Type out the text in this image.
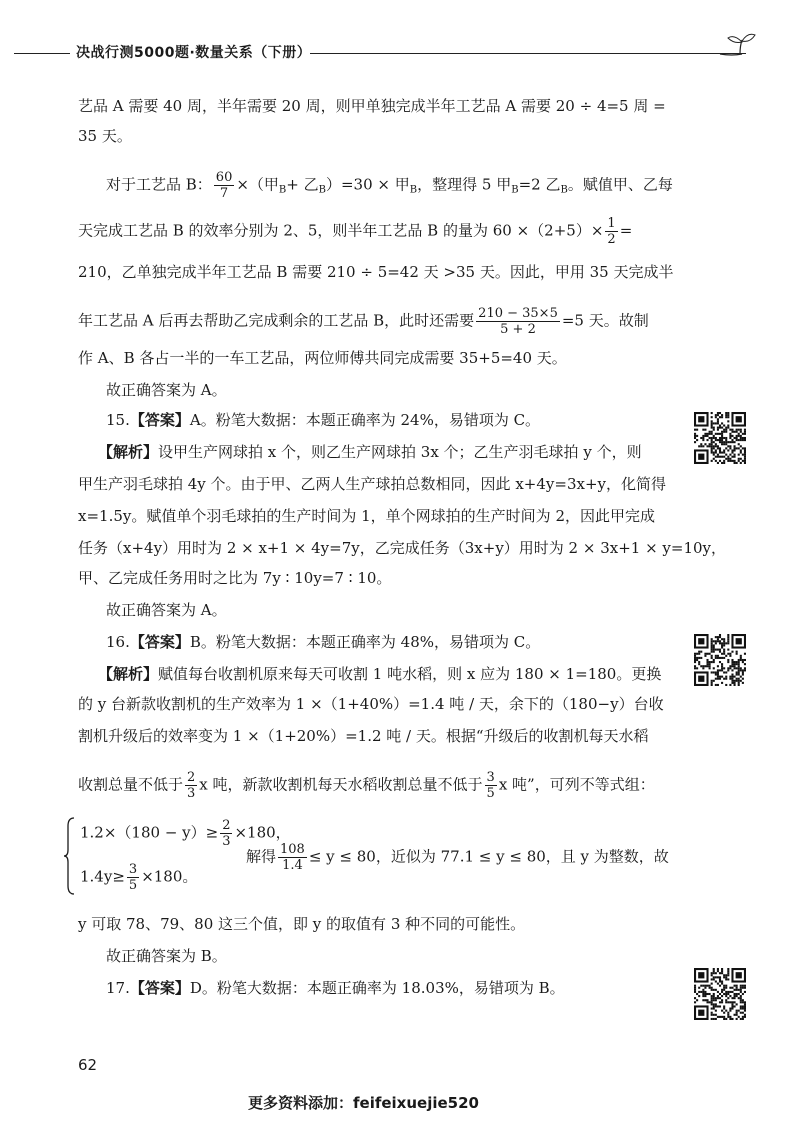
决战行测5000题·数量关系（下册）
艺品 A 需要 40 周，半年需要 20 周，则甲单独完成半年工艺品 A 需要 20 ÷ 4=5 周 =
35 天。
对于工艺品 B： $\frac{60}{7}$ ×（甲$_B$+ 乙$_B$）=30 × 甲$_B$，整理得 5 甲$_B$=2 乙$_B$。赋值甲、乙每
天完成工艺品 B 的效率分别为 2、5，则半年工艺品 B 的量为 $60 \times(2+5)\times \frac{1}{2}$ =
210，乙单独完成半年工艺品 B 需要 210 ÷ 5=42 天 >35 天。因此，甲用 35 天完成半
年工艺品 A 后再去帮助乙完成剩余的工艺品 B，此时还需要 $\frac{210 - 35\times 5}{5 + 2} =5$ 天。故制
作 A、B 各占一半的一车工艺品，两位师傅共同完成需要 35+5=40 天。
故正确答案为 A。
15.【答案】A。粉笔大数据：本题正确率为 24%，易错项为 C。
【解析】设甲生产网球拍 x 个，则乙生产网球拍 3x 个；乙生产羽毛球拍 y 个，则
甲生产羽毛球拍 4y 个。由于甲、乙两人生产球拍总数相同，因此 x+4y=3x+y，化简得
x=1.5y。赋值单个羽毛球拍的生产时间为 1，单个网球拍的生产时间为 2，因此甲完成
任务（x+4y）用时为 2 × x+1 × 4y=7y，乙完成任务（3x+y）用时为 2 × 3x+1 × y=10y，
甲、乙完成任务用时之比为 7y ∶ 10y=7 ∶ 10。
故正确答案为 A。
16.【答案】B。粉笔大数据：本题正确率为 48%，易错项为 C。
【解析】赋值每台收割机原来每天可收割 1 吨水稻，则 x 应为 180 × 1=180。更换
的 y 台新款收割机的生产效率为 1 ×（1+40%）=1.4 吨 / 天，余下的（180−y）台收
割机升级后的效率变为 1 ×（1+20%）=1.2 吨 / 天。根据“升级后的收割机每天水稻
收割总量不低于 $\frac{2}{3}$ x 吨，新款收割机每天水稻收割总量不低于 $\frac{3}{5}$ x 吨”，可列不等式组：
$1.2\times(180 - y)\ge \frac{2}{3} \times 180$，
$1.4y\ge \frac{3}{5} \times 180$。
解得 $\frac{108}{1.4} \le y \le 80$，近似为 77.1 ≤ y ≤ 80，且 y 为整数，故
y 可取 78、79、80 这三个值，即 y 的取值有 3 种不同的可能性。
故正确答案为 B。
17.【答案】D。粉笔大数据：本题正确率为 18.03%，易错项为 B。
62
更多资料添加：feifeixuejie520
